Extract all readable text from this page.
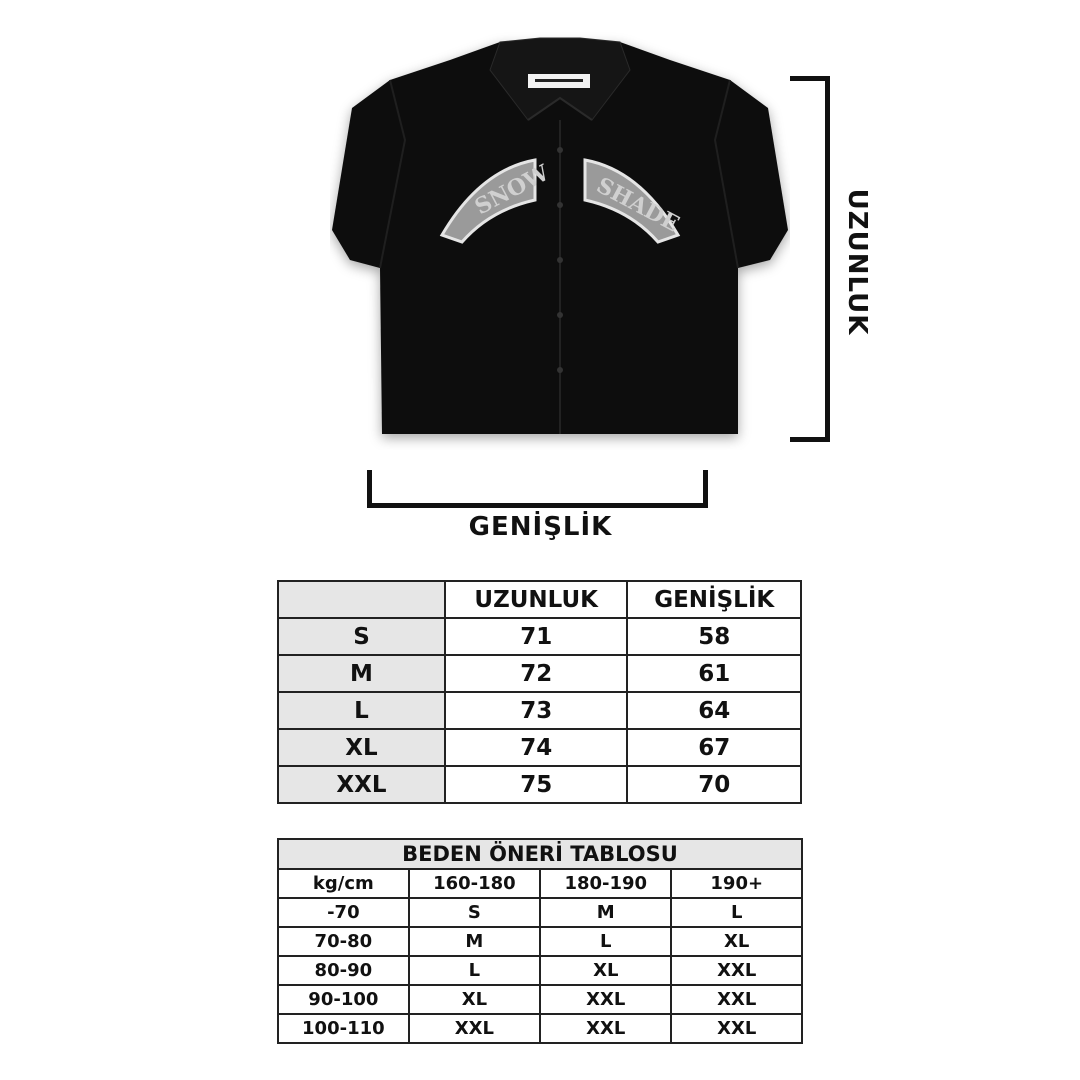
SNOW SHADE
GENİŞLİK
UZUNLUK
	UZUNLUK	GENİŞLİK
S	71	58
M	72	61
L	73	64
XL	74	67
XXL	75	70
BEDEN ÖNERİ TABLOSU			
kg/cm	160-180	180-190	190+
-70	S	M	L
70-80	M	L	XL
80-90	L	XL	XXL
90-100	XL	XXL	XXL
100-110	XXL	XXL	XXL
